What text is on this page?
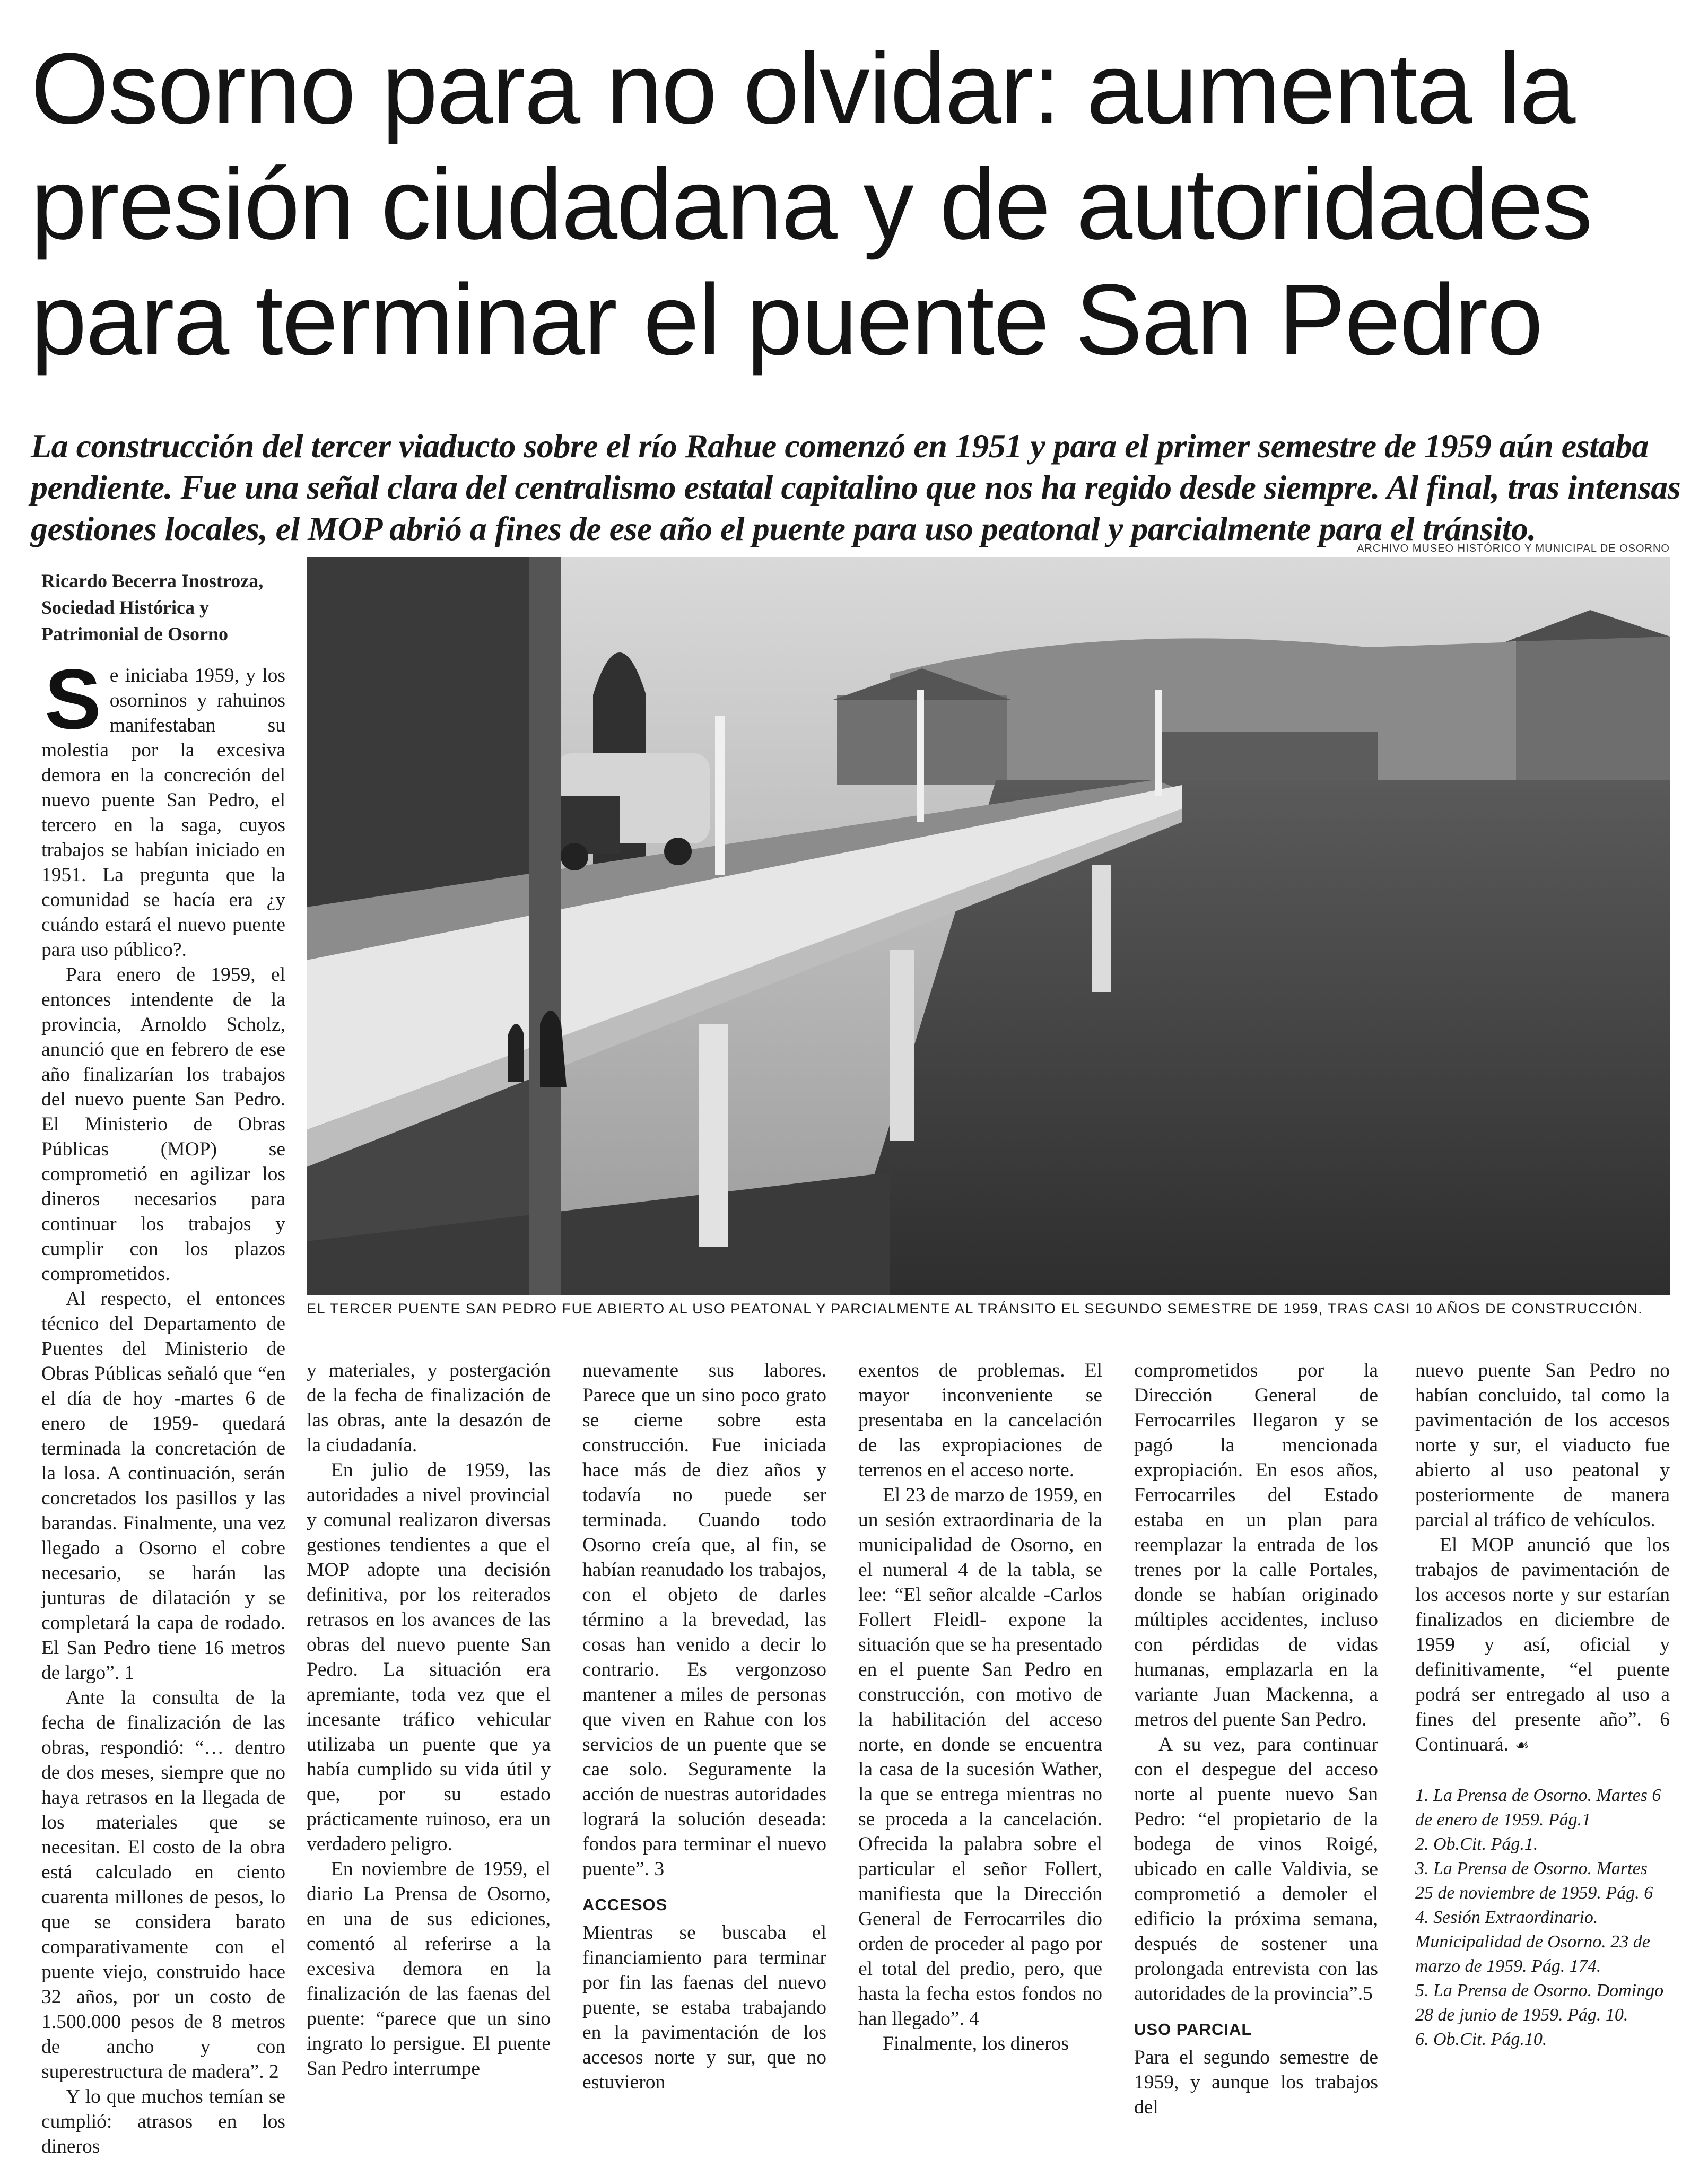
Osorno para no olvidar: aumenta la presión ciudadana y de autoridades para terminar el puente San Pedro

La construcción del tercer viaducto sobre el río Rahue comenzó en 1951 y para el primer semestre de 1959 aún estaba pendiente. Fue una señal clara del centralismo estatal capitalino que nos ha regido desde siempre. Al final, tras intensas gestiones locales, el MOP abrió a fines de ese año el puente para uso peatonal y parcialmente para el tránsito.

ARCHIVO MUSEO HISTÓRICO Y MUNICIPAL DE OSORNO
Ricardo Becerra Inostroza,
Sociedad Histórica y Patrimonial de Osorno
EL TERCER PUENTE SAN PEDRO FUE ABIERTO AL USO PEATONAL Y PARCIALMENTE AL TRÁNSITO EL SEGUNDO SEMESTRE DE 1959, TRAS CASI 10 AÑOS DE CONSTRUCCIÓN.

Se iniciaba 1959, y los osorninos y rahuinos manifestaban su molestia por la excesiva demora en la concreción del nuevo puente San Pedro, el tercero en la saga, cuyos trabajos se habían iniciado en 1951. La pregunta que la comunidad se hacía era ¿y cuándo estará el nuevo puente para uso público?.

Para enero de 1959, el entonces intendente de la provincia, Arnoldo Scholz, anunció que en febrero de ese año finalizarían los trabajos del nuevo puente San Pedro. El Ministerio de Obras Públicas (MOP) se comprometió en agilizar los dineros necesarios para continuar los trabajos y cumplir con los plazos comprometidos.

Al respecto, el entonces técnico del Departamento de Puentes del Ministerio de Obras Públicas señaló que “en el día de hoy -martes 6 de enero de 1959- quedará terminada la concretación de la losa. A continuación, serán concretados los pasillos y las barandas. Finalmente, una vez llegado a Osorno el cobre necesario, se harán las junturas de dilatación y se completará la capa de rodado. El San Pedro tiene 16 metros de largo”. 1

Ante la consulta de la fecha de finalización de las obras, respondió: “… dentro de dos meses, siempre que no haya retrasos en la llegada de los materiales que se necesitan. El costo de la obra está calculado en ciento cuarenta millones de pesos, lo que se considera barato comparativamente con el puente viejo, construido hace 32 años, por un costo de 1.500.000 pesos de 8 metros de ancho y con superestructura de madera”. 2

Y lo que muchos temían se cumplió: atrasos en los dineros

y materiales, y postergación de la fecha de finalización de las obras, ante la desazón de la ciudadanía.

En julio de 1959, las autoridades a nivel provincial y comunal realizaron diversas gestiones tendientes a que el MOP adopte una decisión definitiva, por los reiterados retrasos en los avances de las obras del nuevo puente San Pedro. La situación era apremiante, toda vez que el incesante tráfico vehicular utilizaba un puente que ya había cumplido su vida útil y que, por su estado prácticamente ruinoso, era un verdadero peligro.

En noviembre de 1959, el diario La Prensa de Osorno, en una de sus ediciones, comentó al referirse a la excesiva demora en la finalización de las faenas del puente: “parece que un sino ingrato lo persigue. El puente San Pedro interrumpe

nuevamente sus labores. Parece que un sino poco grato se cierne sobre esta construcción. Fue iniciada hace más de diez años y todavía no puede ser terminada. Cuando todo Osorno creía que, al fin, se habían reanudado los trabajos, con el objeto de darles término a la brevedad, las cosas han venido a decir lo contrario. Es vergonzoso mantener a miles de personas que viven en Rahue con los servicios de un puente que se cae solo. Seguramente la acción de nuestras autoridades logrará la solución deseada: fondos para terminar el nuevo puente”. 3

ACCESOS

Mientras se buscaba el financiamiento para terminar por fin las faenas del nuevo puente, se estaba trabajando en la pavimentación de los accesos norte y sur, que no estuvieron

exentos de problemas. El mayor inconveniente se presentaba en la cancelación de las expropiaciones de terrenos en el acceso norte.

El 23 de marzo de 1959, en un sesión extraordinaria de la municipalidad de Osorno, en el numeral 4 de la tabla, se lee: “El señor alcalde -Carlos Follert Fleidl- expone la situación que se ha presentado en el puente San Pedro en construcción, con motivo de la habilitación del acceso norte, en donde se encuentra la casa de la sucesión Wather, la que se entrega mientras no se proceda a la cancelación. Ofrecida la palabra sobre el particular el señor Follert, manifiesta que la Dirección General de Ferrocarriles dio orden de proceder al pago por el total del predio, pero, que hasta la fecha estos fondos no han llegado”. 4

Finalmente, los dineros

comprometidos por la Dirección General de Ferrocarriles llegaron y se pagó la mencionada expropiación. En esos años, Ferrocarriles del Estado estaba en un plan para reemplazar la entrada de los trenes por la calle Portales, donde se habían originado múltiples accidentes, incluso con pérdidas de vidas humanas, emplazarla en la variante Juan Mackenna, a metros del puente San Pedro.

A su vez, para continuar con el despegue del acceso norte al puente nuevo San Pedro: “el propietario de la bodega de vinos Roigé, ubicado en calle Valdivia, se comprometió a demoler el edificio la próxima semana, después de sostener una prolongada entrevista con las autoridades de la provincia”.5

USO PARCIAL

Para el segundo semestre de 1959, y aunque los trabajos del

nuevo puente San Pedro no habían concluido, tal como la pavimentación de los accesos norte y sur, el viaducto fue abierto al uso peatonal y posteriormente de manera parcial al tráfico de vehículos.

El MOP anunció que los trabajos de pavimentación de los accesos norte y sur estarían finalizados en diciembre de 1959 y así, oficial y definitivamente, “el puente podrá ser entregado al uso a fines del presente año”. 6 Continuará. ☙

1. La Prensa de Osorno. Martes 6 de enero de 1959. Pág.1
2. Ob.Cit. Pág.1.
3. La Prensa de Osorno. Martes 25 de noviembre de 1959. Pág. 6
4. Sesión Extraordinario. Municipalidad de Osorno. 23 de marzo de 1959. Pág. 174.
5. La Prensa de Osorno. Domingo 28 de junio de 1959. Pág. 10.
6. Ob.Cit. Pág.10.
